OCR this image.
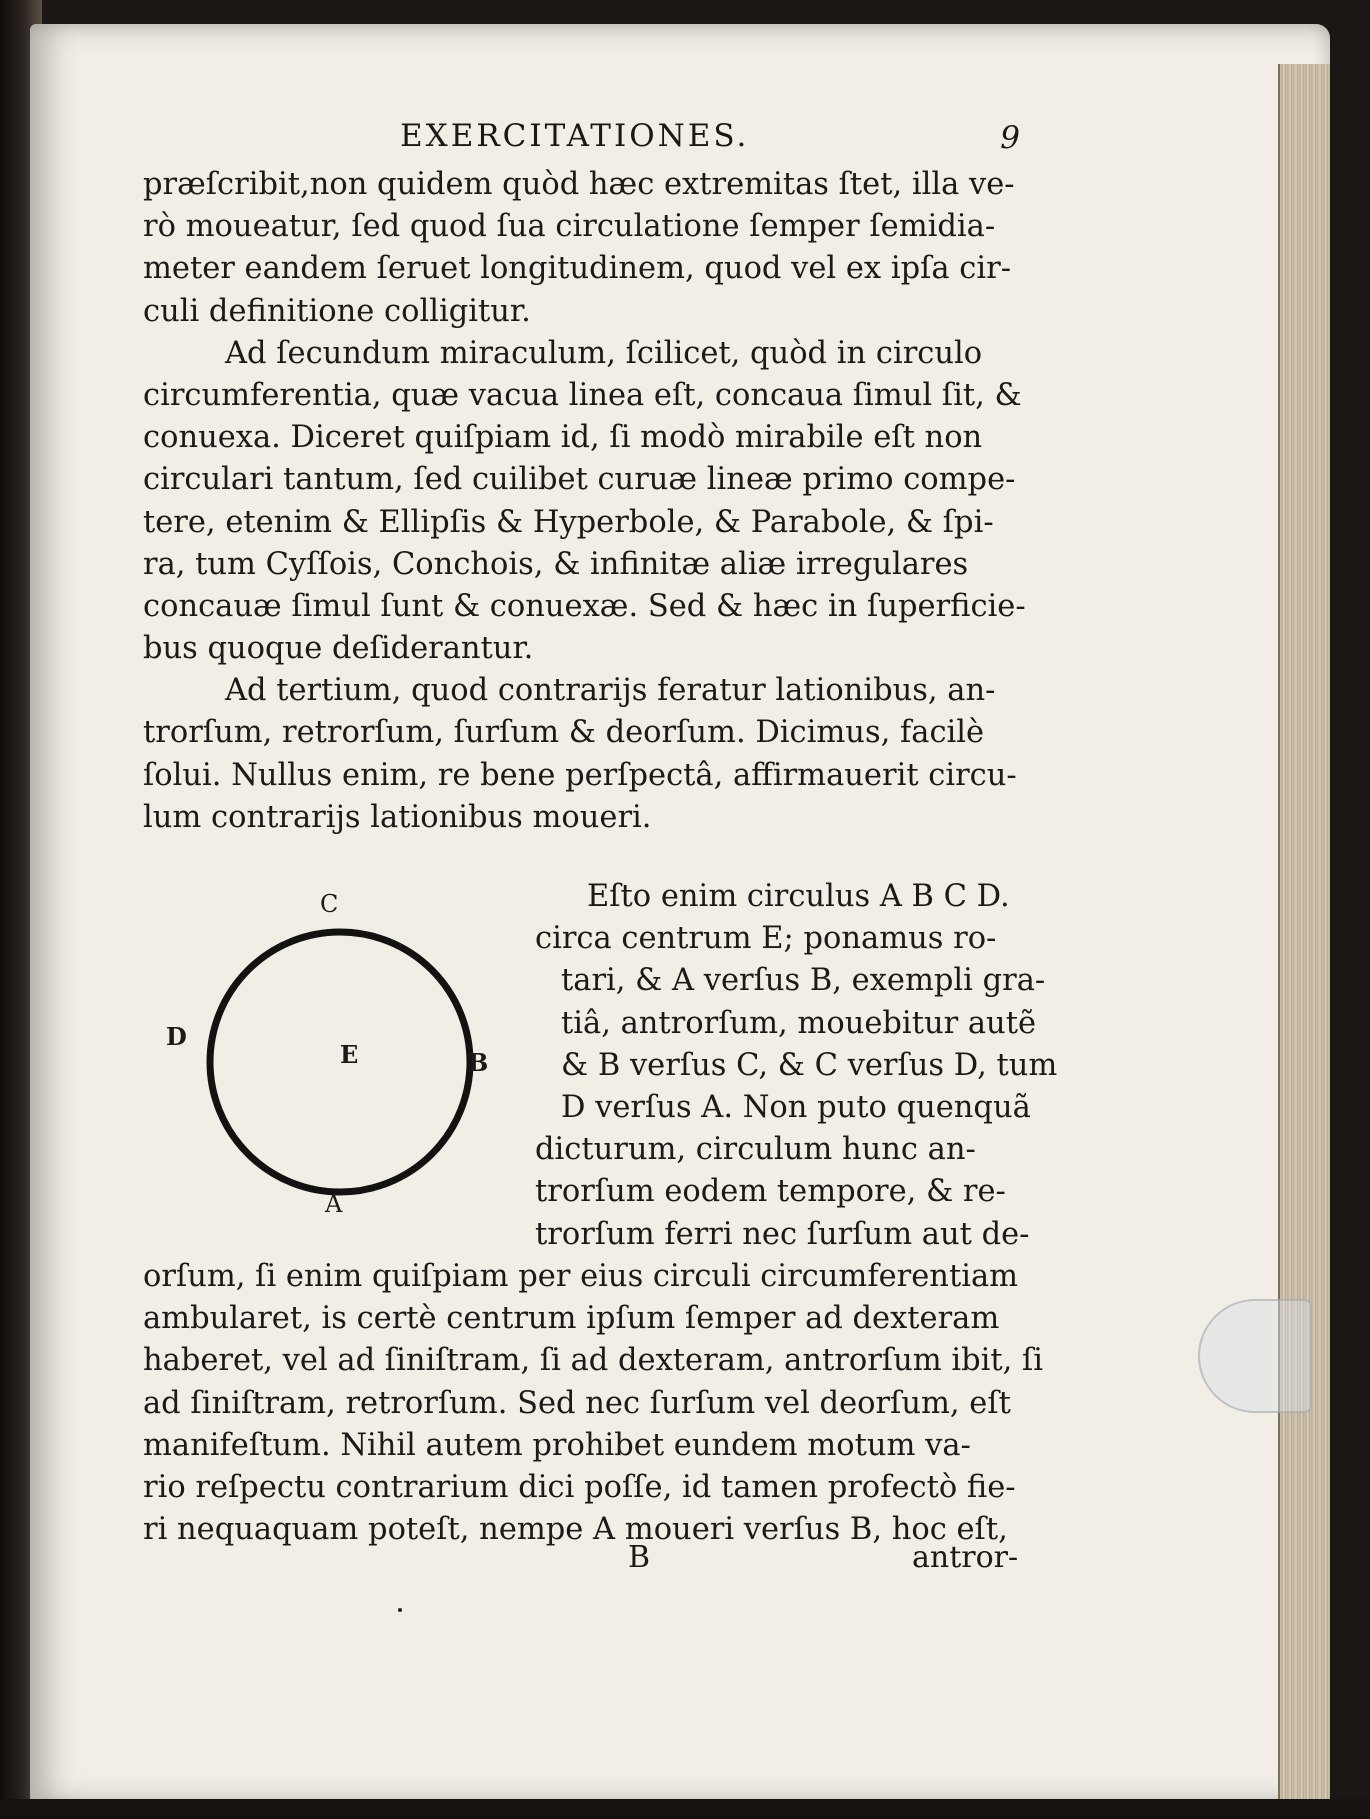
EXERCITATIONES.	9
præſcribit,non quidem quòd hæc extremitas ſtet, illa ve-
rò moueatur, ſed quod ſua circulatione ſemper ſemidia-
meter eandem ſeruet longitudinem, quod vel ex ipſa cir-
culi definitione colligitur.
Ad ſecundum miraculum, ſcilicet, quòd in circulo
circumferentia, quæ vacua linea eſt, concaua ſimul ſit, &
conuexa. Diceret quiſpiam id, ſi modò mirabile eſt non
circulari tantum, ſed cuilibet curuæ lineæ primo compe-
tere, etenim & Ellipſis & Hyperbole, & Parabole, & ſpi-
ra, tum Cyſſois, Conchois, & infinitæ aliæ irregulares
concauæ ſimul ſunt & conuexæ. Sed & hæc in ſuperficie-
bus quoque deſiderantur.
Ad tertium, quod contrarijs feratur lationibus, an-
trorſum, retrorſum, ſurſum & deorſum. Dicimus, facilè
ſolui. Nullus enim, re bene perſpectâ, affirmauerit circu-
lum contrarijs lationibus moueri.
C
D
E	B
A
Eſto enim circulus A B C D.
circa centrum E; ponamus ro-
tari, & A verſus B, exempli gra-
tiâ, antrorſum, mouebitur autẽ
& B verſus C, & C verſus D, tum
D verſus A. Non puto quenquã
dicturum, circulum hunc an-
trorſum eodem tempore, & re-
trorſum ferri nec ſurſum aut de-
orſum, ſi enim quiſpiam per eius circuli circumferentiam
ambularet, is certè centrum ipſum ſemper ad dexteram
haberet, vel ad ſiniſtram, ſi ad dexteram, antrorſum ibit, ſi
ad ſiniſtram, retrorſum. Sed nec ſurſum vel deorſum, eſt
manifeſtum. Nihil autem prohibet eundem motum va-
rio reſpectu contrarium dici poſſe, id tamen profectò fie-
ri nequaquam poteſt, nempe A moueri verſus B, hoc eſt,
B	antror-
